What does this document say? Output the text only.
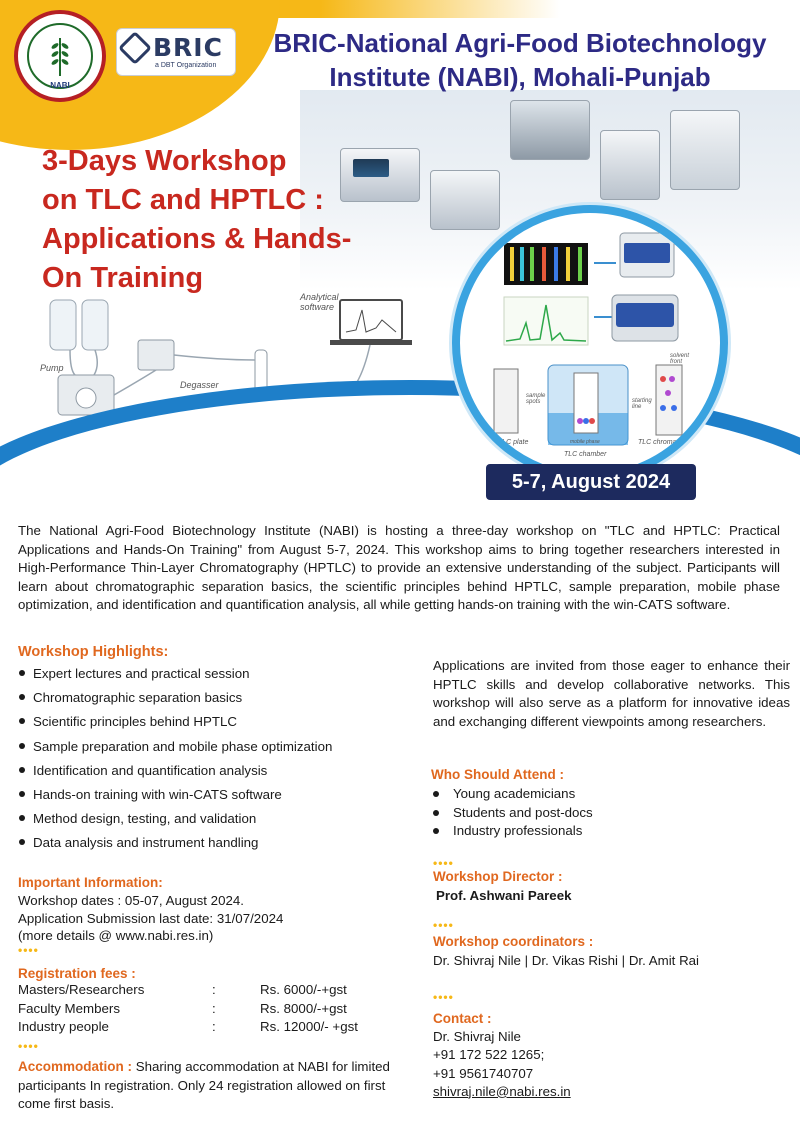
NABI
BRIC
a DBT Organization
BRIC-National Agri-Food Biotechnology
Institute (NABI), Mohali-Punjab
3-Days Workshop
on TLC and HPTLC :
Applications & Hands-
On Training
Pump
Degasser
Analytical software
TLC plate
TLC chamber
TLC chromatogram
sample spots	starting line
solvent front
mobile phase
5-7, August 2024

The National Agri-Food Biotechnology Institute (NABI) is hosting a three-day workshop on "TLC and HPTLC: Practical Applications and Hands-On Training" from August 5-7, 2024. This workshop aims to bring together researchers interested in High-Performance Thin-Layer Chromatography (HPTLC) to provide an extensive understanding of the subject. Participants will learn about chromatographic separation basics, the scientific principles behind HPTLC, sample preparation, mobile phase optimization, and identification and quantification analysis, all while getting hands-on training with the win-CATS software.

Workshop Highlights:
Expert lectures and practical session
Chromatographic separation basics
Scientific principles behind HPTLC
Sample preparation and mobile phase optimization
Identification and quantification analysis
Hands-on training with win-CATS software
Method design, testing, and validation
Data analysis and instrument handling
Important Information:
Workshop dates : 05-07, August 2024.
Application Submission last date: 31/07/2024
(more details @ www.nabi.res.in)
••••
Registration fees :
Masters/Researchers	:	Rs. 6000/-+gst
Faculty Members	:	Rs. 8000/-+gst
Industry people	:	Rs. 12000/- +gst
••••
Accommodation : Sharing accommodation at NABI for limited participants In registration. Only 24 registration allowed on first come first basis.

Applications are invited from those eager to enhance their HPTLC skills and develop collaborative networks. This workshop will also serve as a platform for innovative ideas and exchanging different viewpoints among researchers.

Who Should Attend :
Young academicians
Students and post-docs
Industry professionals
••••
Workshop Director :
Prof. Ashwani Pareek
••••
Workshop coordinators :
Dr. Shivraj Nile | Dr. Vikas Rishi | Dr. Amit Rai
••••
Contact :
Dr. Shivraj Nile
+91 172 522 1265;
+91 9561740707
shivraj.nile@nabi.res.in
